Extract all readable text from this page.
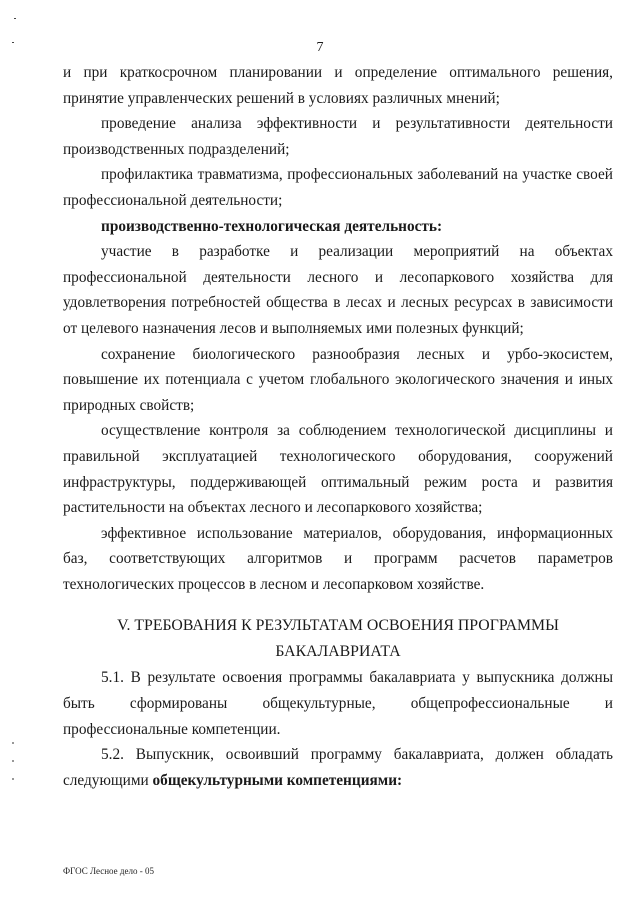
7

и при краткосрочном планировании и определение оптимального решения, принятие управленческих решений в условиях различных мнений;

проведение анализа эффективности и результативности деятельности производственных подразделений;

профилактика травматизма, профессиональных заболеваний на участке своей профессиональной деятельности;

производственно-технологическая деятельность:

участие в разработке и реализации мероприятий на объектах профессиональной деятельности лесного и лесопаркового хозяйства для удовлетворения потребностей общества в лесах и лесных ресурсах в зависимости от целевого назначения лесов и выполняемых ими полезных функций;

сохранение биологического разнообразия лесных и урбо-экосистем, повышение их потенциала с учетом глобального экологического значения и иных природных свойств;

осуществление контроля за соблюдением технологической дисциплины и правильной эксплуатацией технологического оборудования, сооружений инфраструктуры, поддерживающей оптимальный режим роста и развития растительности на объектах лесного и лесопаркового хозяйства;

эффективное использование материалов, оборудования, информационных баз, соответствующих алгоритмов и программ расчетов параметров технологических процессов в лесном и лесопарковом хозяйстве.

V. ТРЕБОВАНИЯ К РЕЗУЛЬТАТАМ ОСВОЕНИЯ ПРОГРАММЫ
БАКАЛАВРИАТА

5.1. В результате освоения программы бакалавриата у выпускника должны быть сформированы общекультурные, общепрофессиональные и профессиональные компетенции.

5.2. Выпускник, освоивший программу бакалавриата, должен обладать следующими общекультурными компетенциями:

ФГОС Лесное дело - 05
